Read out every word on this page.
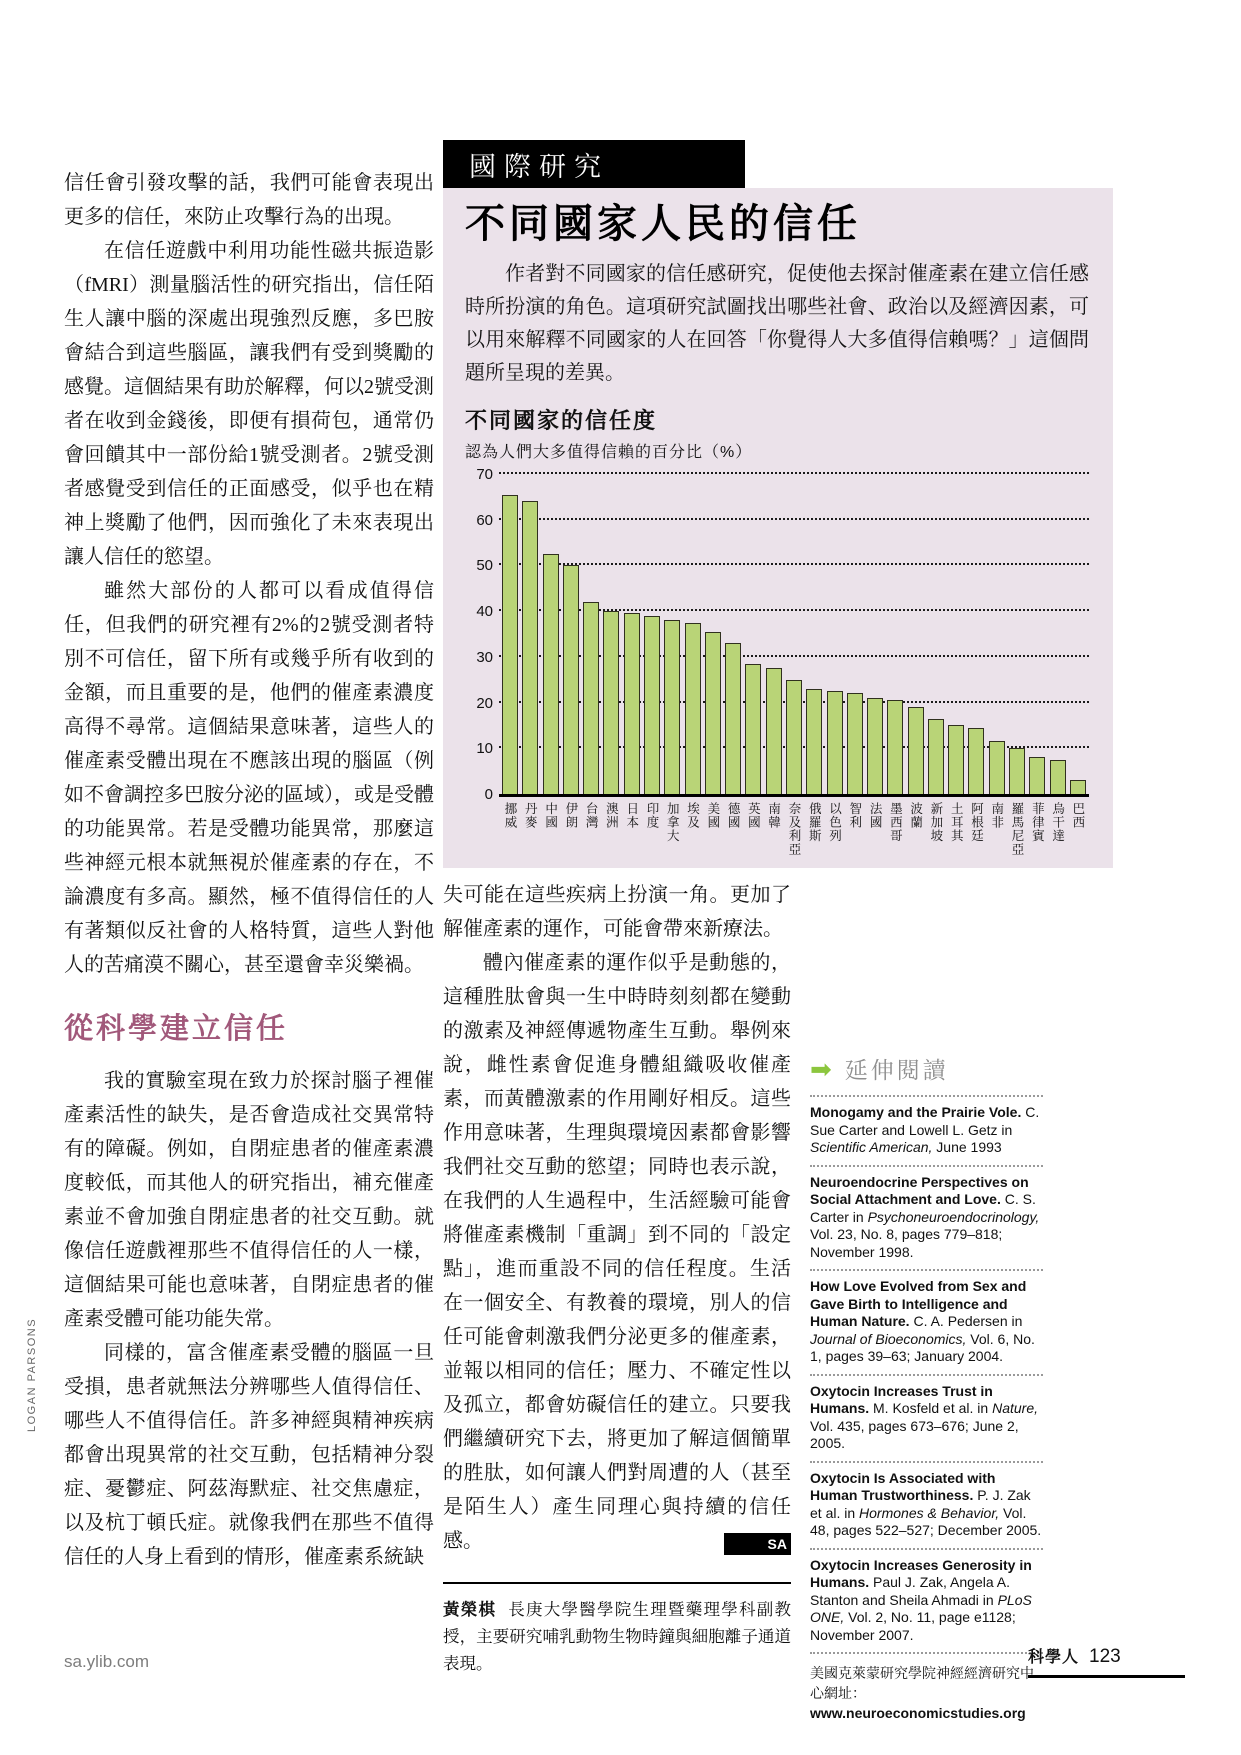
LOGAN PARSONS

信任會引發攻擊的話，我們可能會表現出更多的信任，來防止攻擊行為的出現。

在信任遊戲中利用功能性磁共振造影（fMRI）測量腦活性的研究指出，信任陌生人讓中腦的深處出現強烈反應，多巴胺會結合到這些腦區，讓我們有受到獎勵的感覺。這個結果有助於解釋，何以2號受測者在收到金錢後，即便有損荷包，通常仍會回饋其中一部份給1號受測者。2號受測者感覺受到信任的正面感受，似乎也在精神上獎勵了他們，因而強化了未來表現出讓人信任的慾望。

雖然大部份的人都可以看成值得信任，但我們的研究裡有2%的2號受測者特別不可信任，留下所有或幾乎所有收到的金額，而且重要的是，他們的催產素濃度高得不尋常。這個結果意味著，這些人的催產素受體出現在不應該出現的腦區（例如不會調控多巴胺分泌的區域），或是受體的功能異常。若是受體功能異常，那麼這些神經元根本就無視於催產素的存在，不論濃度有多高。顯然，極不值得信任的人有著類似反社會的人格特質，這些人對他人的苦痛漠不關心，甚至還會幸災樂禍。

從科學建立信任

我的實驗室現在致力於探討腦子裡催產素活性的缺失，是否會造成社交異常特有的障礙。例如，自閉症患者的催產素濃度較低，而其他人的研究指出，補充催產素並不會加強自閉症患者的社交互動。就像信任遊戲裡那些不值得信任的人一樣，這個結果可能也意味著，自閉症患者的催產素受體可能功能失常。

同樣的，富含催產素受體的腦區一旦受損，患者就無法分辨哪些人值得信任、哪些人不值得信任。許多神經與精神疾病都會出現異常的社交互動，包括精神分裂症、憂鬱症、阿茲海默症、社交焦慮症，以及杭丁頓氏症。就像我們在那些不值得信任的人身上看到的情形，催產素系統缺

國際研究
不同國家人民的信任

作者對不同國家的信任感研究，促使他去探討催產素在建立信任感時所扮演的角色。這項研究試圖找出哪些社會、政治以及經濟因素，可以用來解釋不同國家的人在回答「你覺得人大多值得信賴嗎？」這個問題所呈現的差異。

不同國家的信任度
認為人們大多值得信賴的百分比（%）
0
10
20
30
40
50
60
70
挪威 丹麥 中國 伊朗 台灣 澳洲 日本 印度 加拿大 埃及 美國 德國 英國 南韓 奈及利亞 俄羅斯 以色列 智利 法國 墨西哥 波蘭 新加坡 土耳其 阿根廷 南非 羅馬尼亞 菲律賓 烏干達 巴西

失可能在這些疾病上扮演一角。更加了解催產素的運作，可能會帶來新療法。

體內催產素的運作似乎是動態的，這種胜肽會與一生中時時刻刻都在變動的激素及神經傳遞物產生互動。舉例來說，雌性素會促進身體組織吸收催產素，而黃體激素的作用剛好相反。這些作用意味著，生理與環境因素都會影響我們社交互動的慾望；同時也表示說，在我們的人生過程中，生活經驗可能會將催產素機制「重調」到不同的「設定點」，進而重設不同的信任程度。生活在一個安全、有教養的環境，別人的信任可能會刺激我們分泌更多的催產素，並報以相同的信任；壓力、不確定性以及孤立，都會妨礙信任的建立。只要我們繼續研究下去，將更加了解這個簡單的胜肽，如何讓人們對周遭的人（甚至是陌生人）產生同理心與持續的信任感。	SA

黃榮棋 長庚大學醫學院生理暨藥理學科副教授，主要研究哺乳動物生物時鐘與細胞離子通道表現。

➡ 延伸閱讀
Monogamy and the Prairie Vole. C. Sue Carter and Lowell L. Getz in Scientific American, June 1993
Neuroendocrine Perspectives on Social Attachment and Love. C. S. Carter in Psychoneuroendocrinology, Vol. 23, No. 8, pages 779–818; November 1998.
How Love Evolved from Sex and Gave Birth to Intelligence and Human Nature. C. A. Pedersen in Journal of Bioeconomics, Vol. 6, No. 1, pages 39–63; January 2004.
Oxytocin Increases Trust in Humans. M. Kosfeld et al. in Nature, Vol. 435, pages 673–676; June 2, 2005.
Oxytocin Is Associated with Human Trustworthiness. P. J. Zak et al. in Hormones & Behavior, Vol. 48, pages 522–527; December 2005.
Oxytocin Increases Generosity in Humans. Paul J. Zak, Angela A. Stanton and Sheila Ahmadi in PLoS ONE, Vol. 2, No. 11, page e1128; November 2007.

美國克萊蒙研究學院神經經濟研究中心網址：www.neuroeconomicstudies.org

sa.ylib.com	科學人 123
